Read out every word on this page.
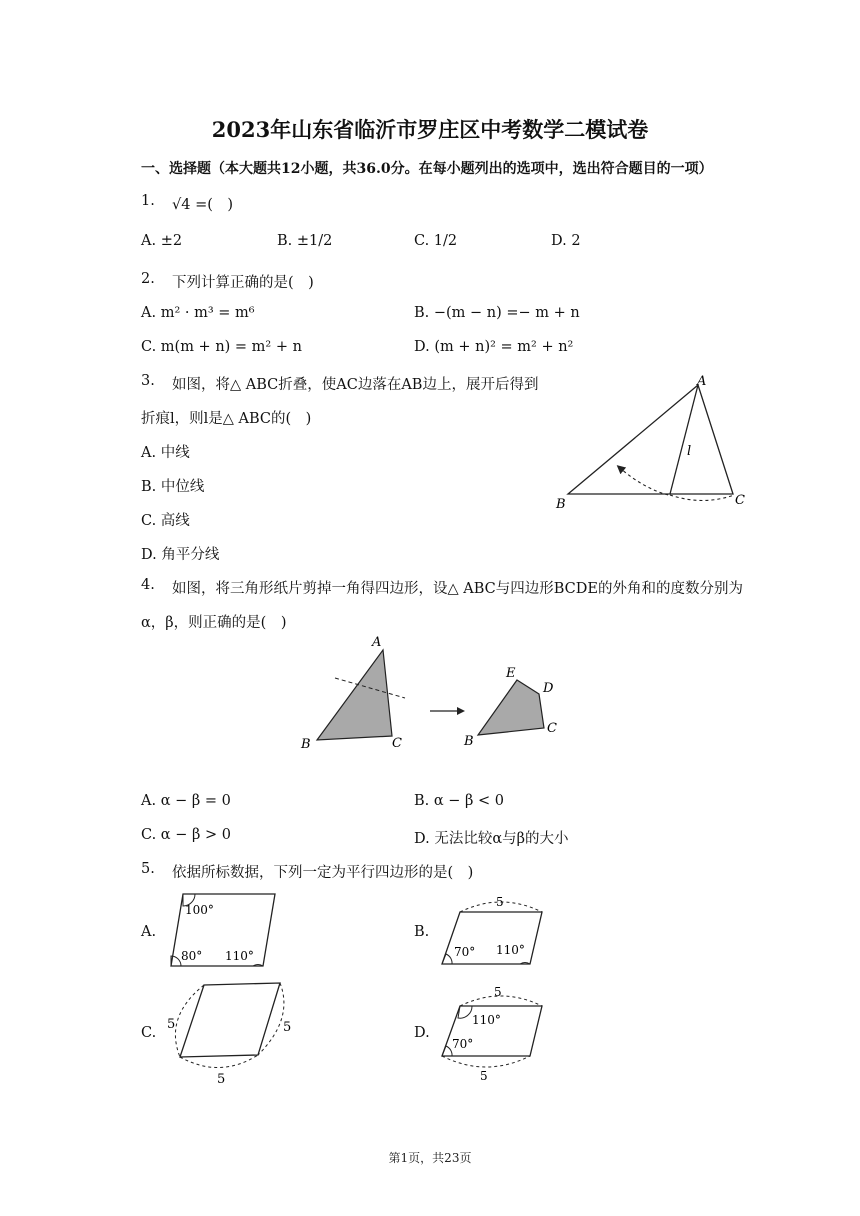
2023年山东省临沂市罗庄区中考数学二模试卷
一、选择题（本大题共12小题，共36.0分。在每小题列出的选项中，选出符合题目的一项）
1. √4 =(　)
A. ±2	B. ±1/2	C. 1/2	D. 2
2. 下列计算正确的是(　)
A. m² · m³ = m⁶	B. −(m − n) =− m + n
C. m(m + n) = m² + n	D. (m + n)² = m² + n²
3. 如图，将△ ABC折叠，使AC边落在AB边上，展开后得到
折痕l，则l是△ ABC的(　)
A. 中线
B. 中位线
C. 高线
D. 角平分线
A
B	C
l
4. 如图，将三角形纸片剪掉一角得四边形，设△ ABC与四边形BCDE的外角和的度数分别为
α，β，则正确的是(　)
A
B	C
E
D
B
C
A. α − β = 0	B. α − β < 0
C. α − β > 0	D. 无法比较α与β的大小
5. 依据所标数据，下列一定为平行四边形的是(　)
A.
100°
80° 110°
B.
5
70° 110°
C.
5	5
5
D.
5
110°
70°
5
第1页，共23页
